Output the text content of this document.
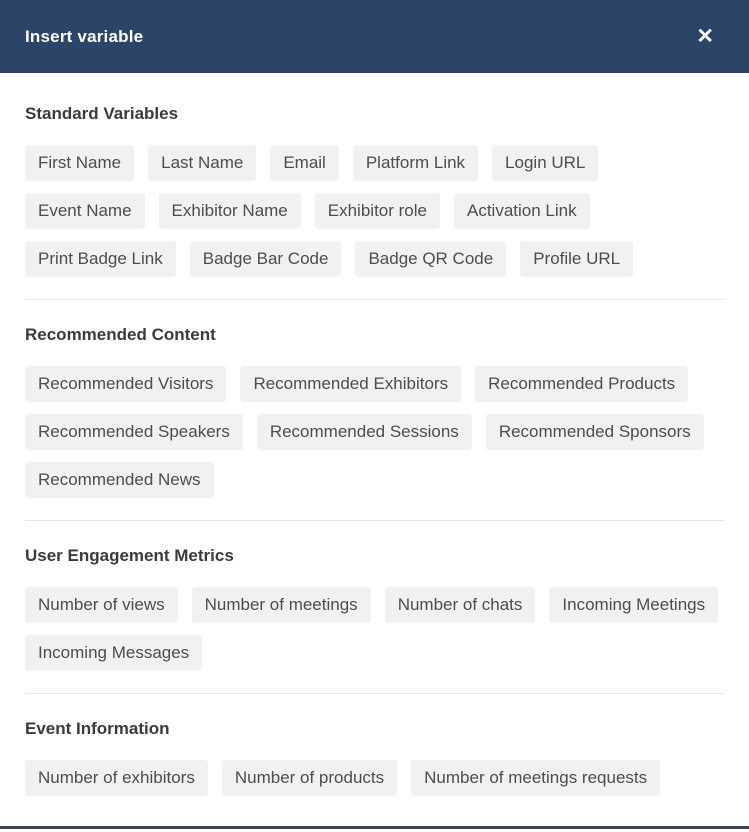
Insert variable	✕
Standard Variables
First Name	Last Name	Email	Platform Link	Login URL
Event Name	Exhibitor Name	Exhibitor role	Activation Link
Print Badge Link	Badge Bar Code	Badge QR Code	Profile URL
Recommended Content
Recommended Visitors	Recommended Exhibitors	Recommended Products
Recommended Speakers	Recommended Sessions	Recommended Sponsors
Recommended News
User Engagement Metrics
Number of views	Number of meetings	Number of chats	Incoming Meetings
Incoming Messages
Event Information
Number of exhibitors	Number of products	Number of meetings requests
